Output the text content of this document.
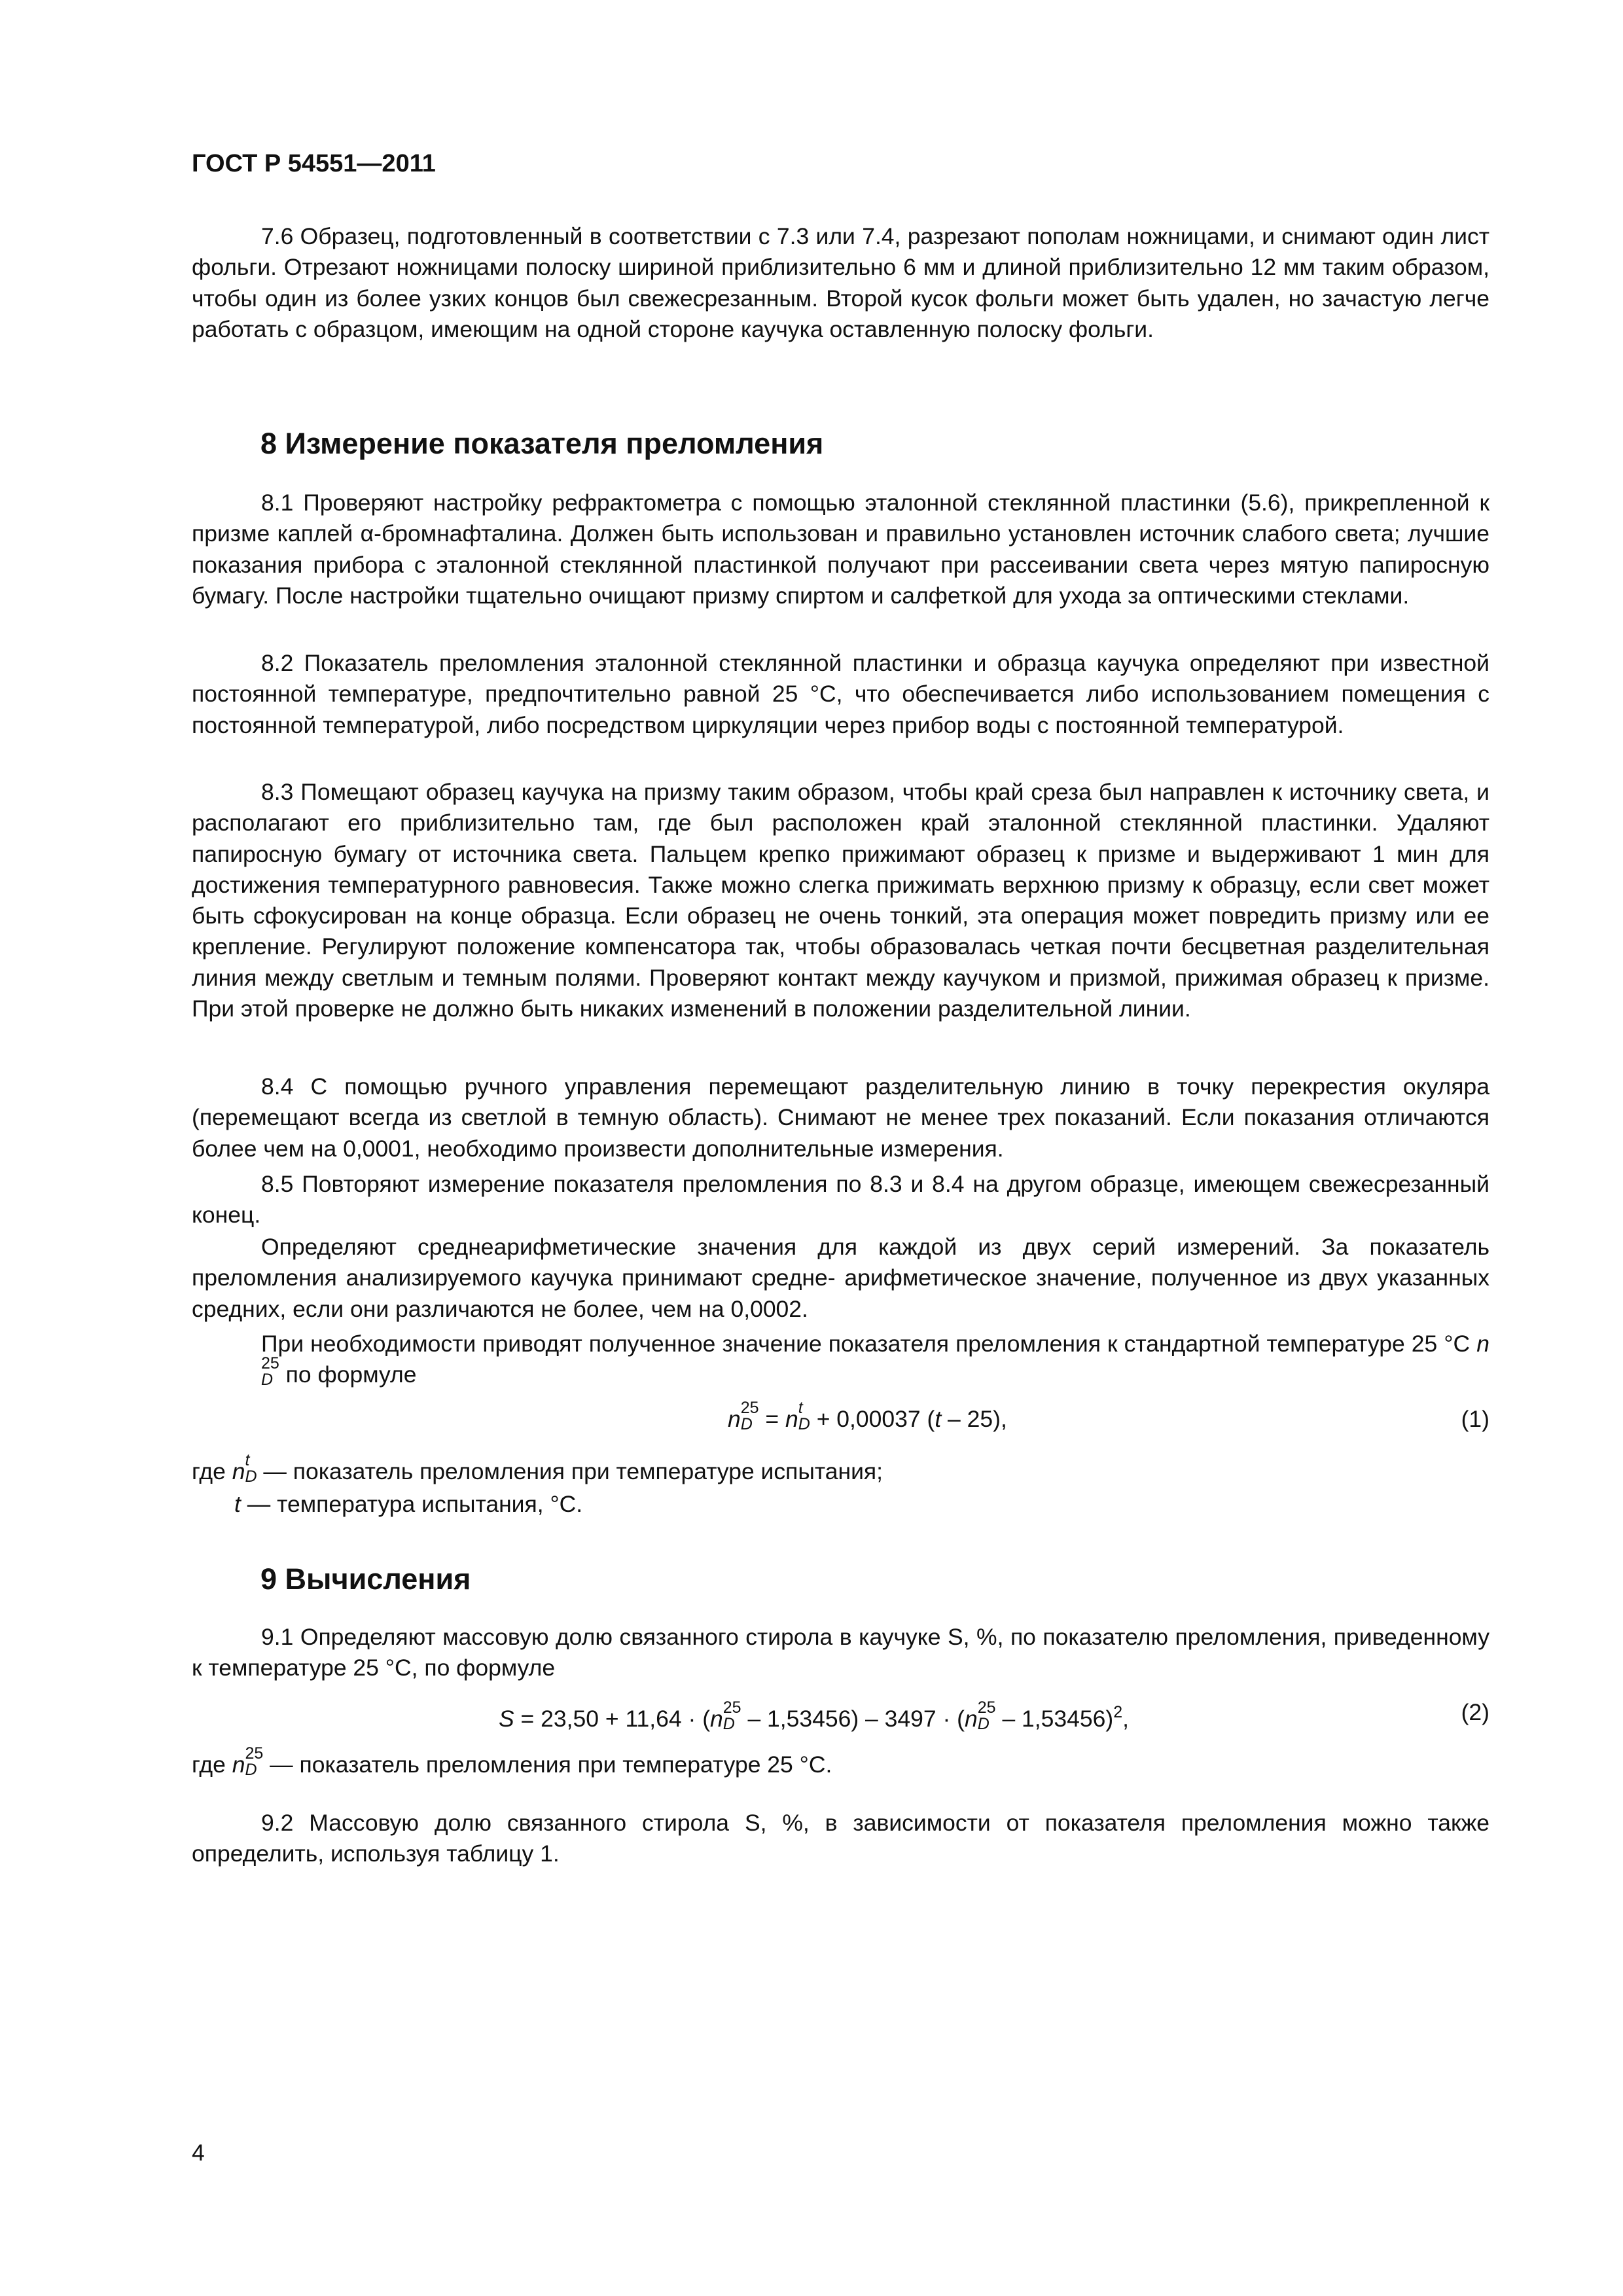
ГОСТ Р 54551—2011

7.6 Образец, подготовленный в соответствии с 7.3 или 7.4, разрезают пополам ножницами, и снимают один лист фольги. Отрезают ножницами полоску шириной приблизительно 6 мм и длиной приблизительно 12 мм таким образом, чтобы один из более узких концов был свежесрезанным. Второй кусок фольги может быть удален, но зачастую легче работать с образцом, имеющим на одной стороне каучука оставленную полоску фольги.

8 Измерение показателя преломления

8.1 Проверяют настройку рефрактометра с помощью эталонной стеклянной пластинки (5.6), прикрепленной к призме каплей α-бромнафталина. Должен быть использован и правильно установлен источник слабого света; лучшие показания прибора с эталонной стеклянной пластинкой получают при рассеивании света через мятую папиросную бумагу. После настройки тщательно очищают призму спиртом и салфеткой для ухода за оптическими стеклами.

8.2 Показатель преломления эталонной стеклянной пластинки и образца каучука определяют при известной постоянной температуре, предпочтительно равной 25 °С, что обеспечивается либо использованием помещения с постоянной температурой, либо посредством циркуляции через прибор воды с постоянной температурой.

8.3 Помещают образец каучука на призму таким образом, чтобы край среза был направлен к источнику света, и располагают его приблизительно там, где был расположен край эталонной стеклянной пластинки. Удаляют папиросную бумагу от источника света. Пальцем крепко прижимают образец к призме и выдерживают 1 мин для достижения температурного равновесия. Также можно слегка прижимать верхнюю призму к образцу, если свет может быть сфокусирован на конце образца. Если образец не очень тонкий, эта операция может повредить призму или ее крепление. Регулируют положение компенсатора так, чтобы образовалась четкая почти бесцветная разделительная линия между светлым и темным полями. Проверяют контакт между каучуком и призмой, прижимая образец к призме. При этой проверке не должно быть никаких изменений в положении разделительной линии.

8.4 С помощью ручного управления перемещают разделительную линию в точку перекрестия окуляра (перемещают всегда из светлой в темную область). Снимают не менее трех показаний. Если показания отличаются более чем на 0,0001, необходимо произвести дополнительные измерения.

8.5 Повторяют измерение показателя преломления по 8.3 и 8.4 на другом образце, имеющем свежесрезанный конец.

Определяют среднеарифметические значения для каждой из двух серий измерений. За показатель преломления анализируемого каучука принимают средне- арифметическое значение, полученное из двух указанных средних, если они различаются не более, чем на 0,0002.

При необходимости приводят полученное значение показателя преломления к стандартной температуре 25 °С n
25
D по формуле

n 25
D = n t
D + 0,00037 (t – 25),	(1)
где n t
D — показатель преломления при температуре испытания;
t — температура испытания, °С.
9 Вычисления

9.1 Определяют массовую долю связанного стирола в каучуке S, %, по показателю преломления, приведенному к температуре 25 °С, по формуле

S = 23,50 + 11,64 · (n 25
D – 1,53456) – 3497 · (n 25
D – 1,53456)$^2$,	(2)
где n 25
D — показатель преломления при температуре 25 °С.

9.2 Массовую долю связанного стирола S, %, в зависимости от показателя преломления можно также определить, используя таблицу 1.

4
